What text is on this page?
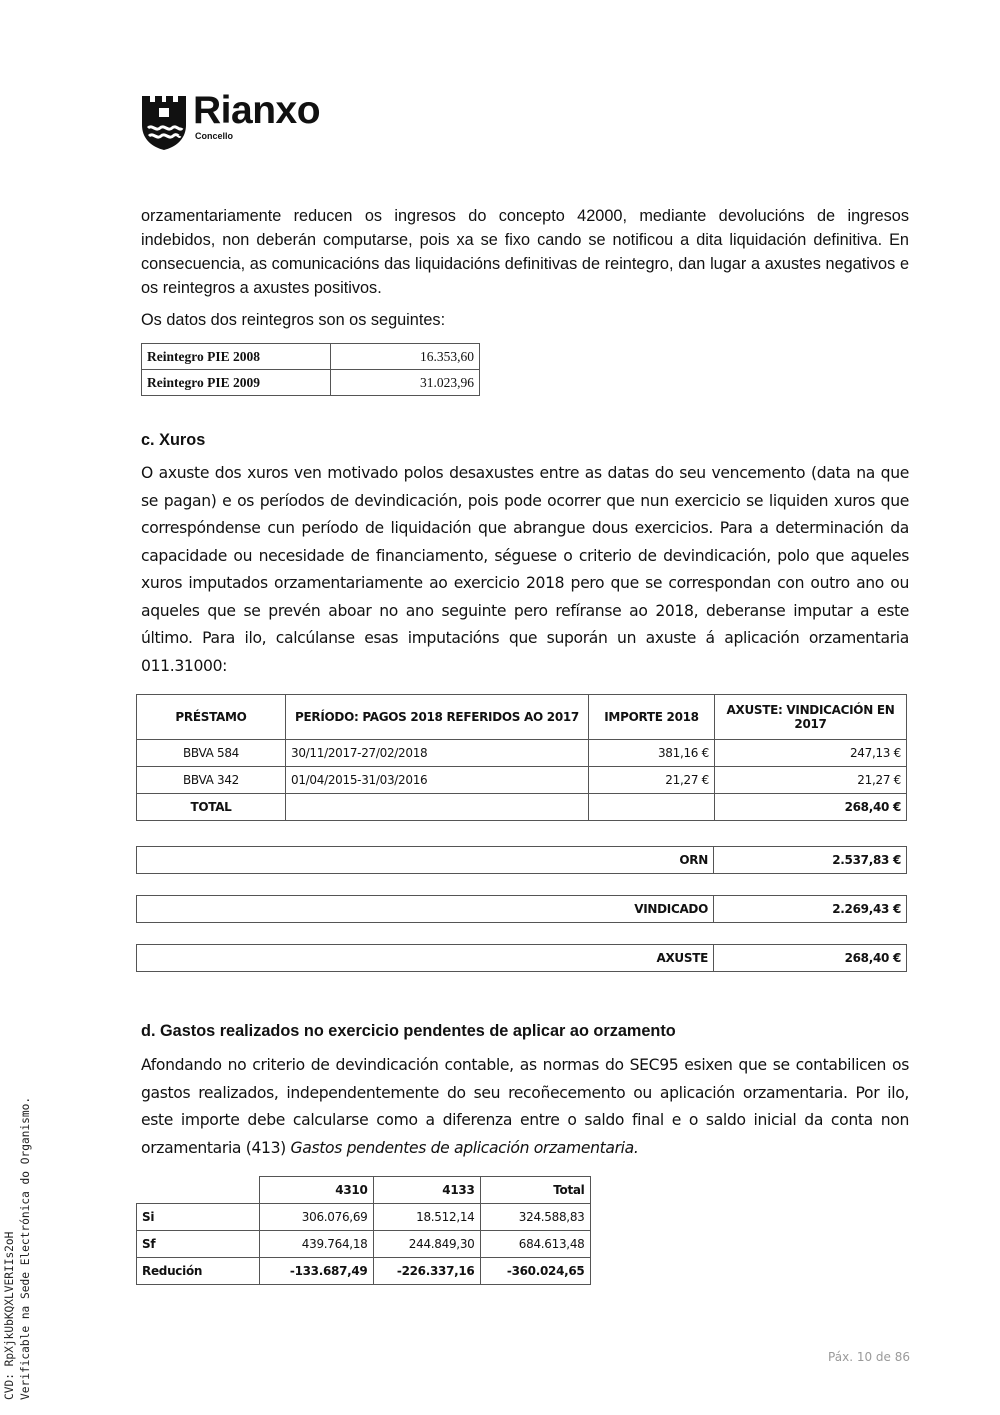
Rianxo
Concello
orzamentariamente reducen os ingresos do concepto 42000, mediante devolucións de ingresos indebidos, non deberán computarse, pois xa se fixo cando se notificou a dita liquidación definitiva. En consecuencia, as comunicacións das liquidacións definitivas de reintegro, dan lugar a axustes negativos e os reintegros a axustes positivos.
Os datos dos reintegros son os seguintes:
Reintegro PIE 2008	16.353,60
Reintegro PIE 2009	31.023,96
c. Xuros
O axuste dos xuros ven motivado polos desaxustes entre as datas do seu vencemento (data na que se pagan) e os períodos de devindicación, pois pode ocorrer que nun exercicio se liquiden xuros que correspóndense cun período de liquidación que abrangue dous exercicios. Para a determinación da capacidade ou necesidade de financiamento, séguese o criterio de devindicación, polo que aqueles xuros imputados orzamentariamente ao exercicio 2018 pero que se correspondan con outro ano ou aqueles que se prevén aboar no ano seguinte pero refíranse ao 2018, deberanse imputar a este último. Para ilo, calcúlanse esas imputacións que suporán un axuste á aplicación orzamentaria 011.31000:
PRÉSTAMO	PERÍODO: PAGOS 2018 REFERIDOS AO 2017	IMPORTE 2018	AXUSTE: VINDICACIÓN EN 2017
BBVA 584	30/11/2017-27/02/2018	381,16 €	247,13 €
BBVA 342	01/04/2015-31/03/2016	21,27 €	21,27 €
TOTAL			268,40 €
ORN	2.537,83 €
VINDICADO	2.269,43 €
AXUSTE	268,40 €
d. Gastos realizados no exercicio pendentes de aplicar ao orzamento
Afondando no criterio de devindicación contable, as normas do SEC95 esixen que se contabilicen os gastos realizados, independentemente do seu recoñecemento ou aplicación orzamentaria. Por ilo, este importe debe calcularse como a diferenza entre o saldo final e o saldo inicial da conta non orzamentaria (413) Gastos pendentes de aplicación orzamentaria.
	4310	4133	Total
Si	306.076,69	18.512,14	324.588,83
Sf	439.764,18	244.849,30	684.613,48
Redución	-133.687,49	-226.337,16	-360.024,65
CVD: RpXjkUbKQXLVERIIs2oH Verificable na Sede Electrónica do Organismo.	Páx. 10 de 86
